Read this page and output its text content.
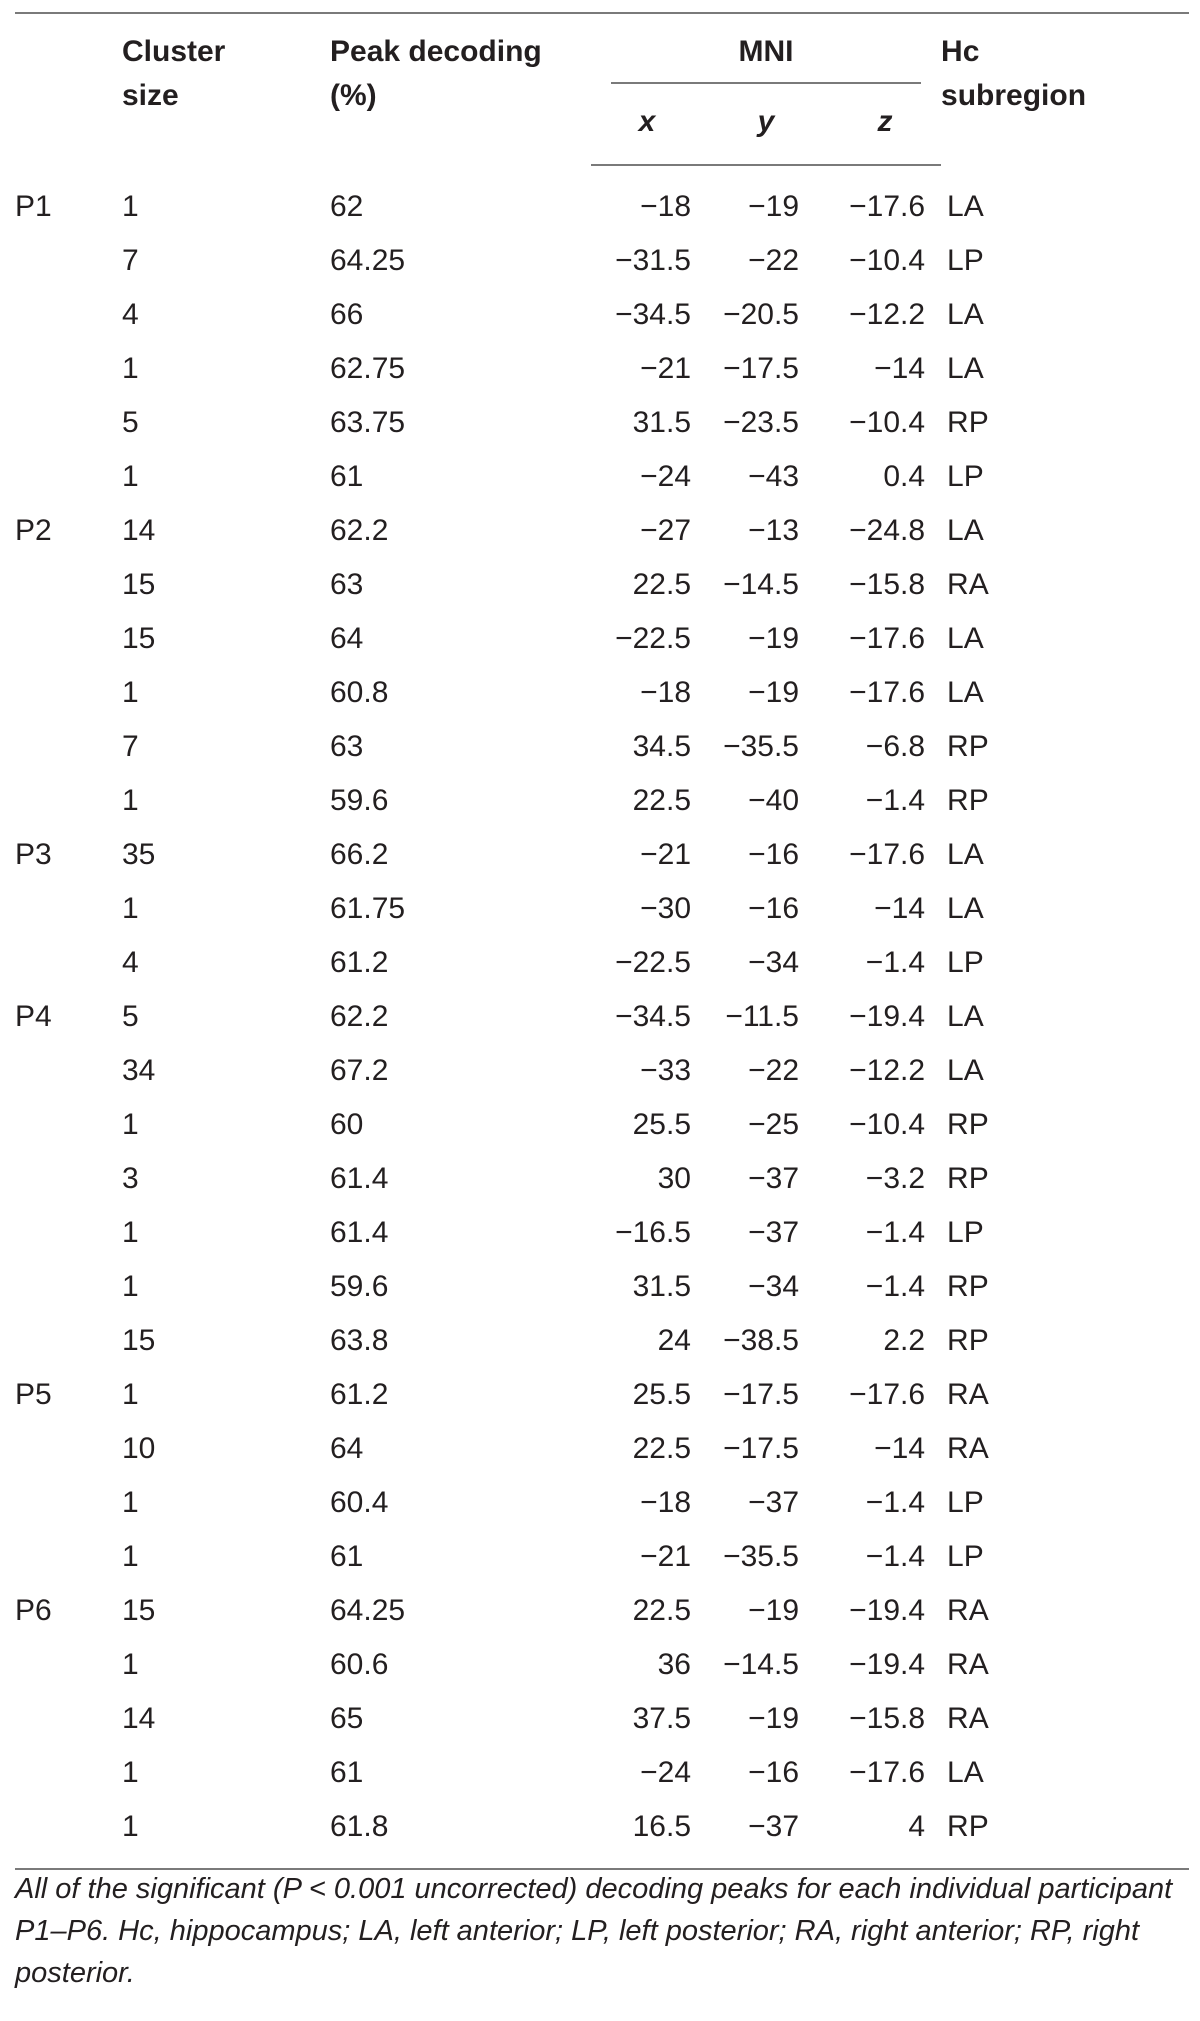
	Cluster size	Peak decoding (%)	MNI			Hc subregion

			x	y	z	
P1	1	62	−18	−19	−17.6	LA
	7	64.25	−31.5	−22	−10.4	LP
	4	66	−34.5	−20.5	−12.2	LA
	1	62.75	−21	−17.5	−14	LA
	5	63.75	31.5	−23.5	−10.4	RP
	1	61	−24	−43	0.4	LP
P2	14	62.2	−27	−13	−24.8	LA
	15	63	22.5	−14.5	−15.8	RA
	15	64	−22.5	−19	−17.6	LA
	1	60.8	−18	−19	−17.6	LA
	7	63	34.5	−35.5	−6.8	RP
	1	59.6	22.5	−40	−1.4	RP
P3	35	66.2	−21	−16	−17.6	LA
	1	61.75	−30	−16	−14	LA
	4	61.2	−22.5	−34	−1.4	LP
P4	5	62.2	−34.5	−11.5	−19.4	LA
	34	67.2	−33	−22	−12.2	LA
	1	60	25.5	−25	−10.4	RP
	3	61.4	30	−37	−3.2	RP
	1	61.4	−16.5	−37	−1.4	LP
	1	59.6	31.5	−34	−1.4	RP
	15	63.8	24	−38.5	2.2	RP
P5	1	61.2	25.5	−17.5	−17.6	RA
	10	64	22.5	−17.5	−14	RA
	1	60.4	−18	−37	−1.4	LP
	1	61	−21	−35.5	−1.4	LP
P6	15	64.25	22.5	−19	−19.4	RA
	1	60.6	36	−14.5	−19.4	RA
	14	65	37.5	−19	−15.8	RA
	1	61	−24	−16	−17.6	LA
	1	61.8	16.5	−37	4	RP
All of the significant (P < 0.001 uncorrected) decoding peaks for each individual participant P1–P6. Hc, hippocampus; LA, left anterior; LP, left posterior; RA, right anterior; RP, right posterior.
